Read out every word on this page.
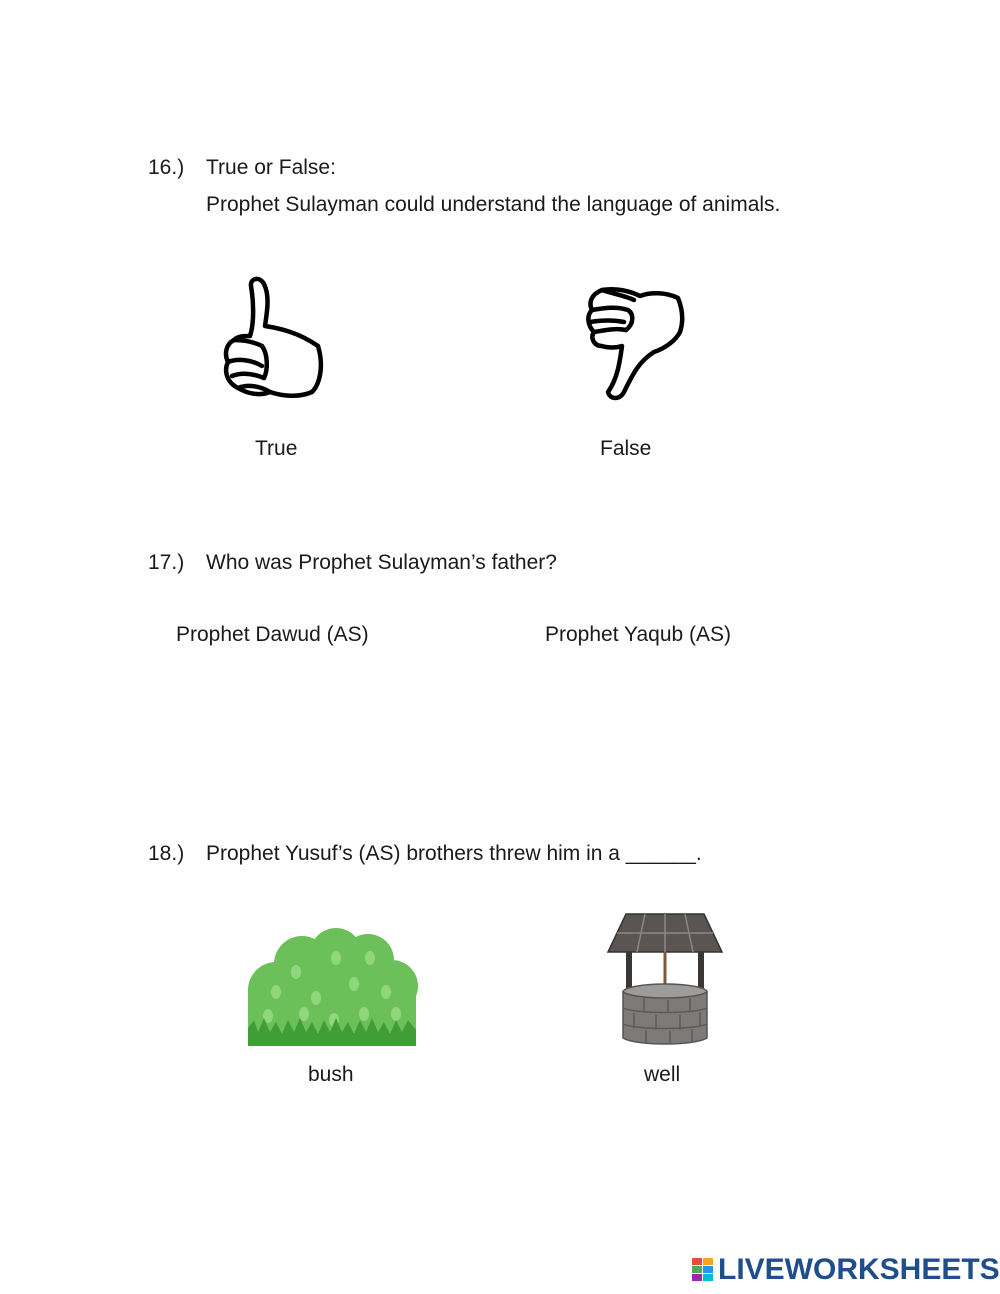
16.) True or False:
Prophet Sulayman could understand the language of animals.
True	False
17.) Who was Prophet Sulayman’s father?
Prophet Dawud (AS)	Prophet Yaqub (AS)
18.) Prophet Yusuf’s (AS) brothers threw him in a ______.
bush	well
LIVEWORKSHEETS
